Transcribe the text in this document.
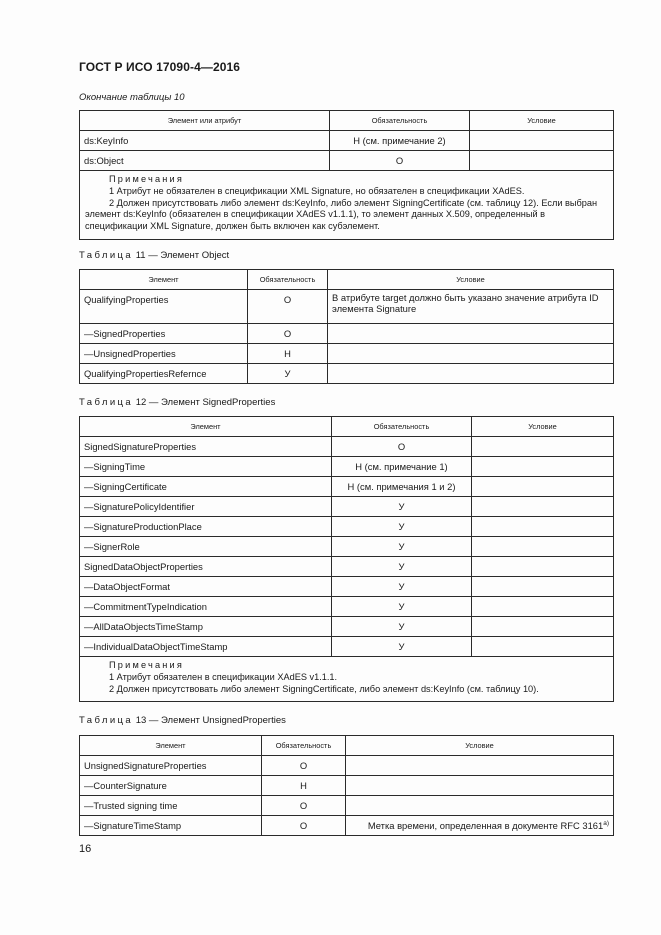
ГОСТ Р ИСО 17090-4—2016
Окончание таблицы 10
Элемент или атрибут	Обязательность	Условие
ds:KeyInfo	Н (см. примечание 2)	
ds:Object	О	

Примечания
1 Атрибут не обязателен в спецификации XML Signature, но обязателен в спецификации XAdES.
2 Должен присутствовать либо элемент ds:KeyInfo, либо элемент SigningCertificate (см. таблицу 12). Если выбран элемент ds:KeyInfo (обязателен в спецификации XAdES v1.1.1), то элемент данных X.509, определенный в спецификации XML Signature, должен быть включен как субэлемент.		
Таблица 11 — Элемент Object
Элемент	Обязательность	Условие
QualifyingProperties	О	В атрибуте target должно быть указано значение атрибута ID элемента Signature
—SignedProperties	О	
—UnsignedProperties	Н	
QualifyingPropertiesRefernce	У	
Таблица 12 — Элемент SignedProperties
Элемент	Обязательность	Условие
SignedSignatureProperties	О	
—SigningTime	Н (см. примечание 1)	
—SigningCertificate	Н (см. примечания 1 и 2)	
—SignaturePolicyIdentifier	У	
—SignatureProductionPlace	У	
—SignerRole	У	
SignedDataObjectProperties	У	
—DataObjectFormat	У	
—CommitmentTypeIndication	У	
—AllDataObjectsTimeStamp	У	
—IndividualDataObjectTimeStamp	У	

Примечания
1 Атрибут обязателен в спецификации XAdES v1.1.1.
2 Должен присутствовать либо элемент SigningCertificate, либо элемент ds:KeyInfo (см. таблицу 10).		
Таблица 13 — Элемент UnsignedProperties
Элемент	Обязательность	Условие
UnsignedSignatureProperties	О	
—CounterSignature	Н	
—Trusted signing time	О	
—SignatureTimeStamp	О	Метка времени, определенная в документе RFC $3161^{а)}$
16
